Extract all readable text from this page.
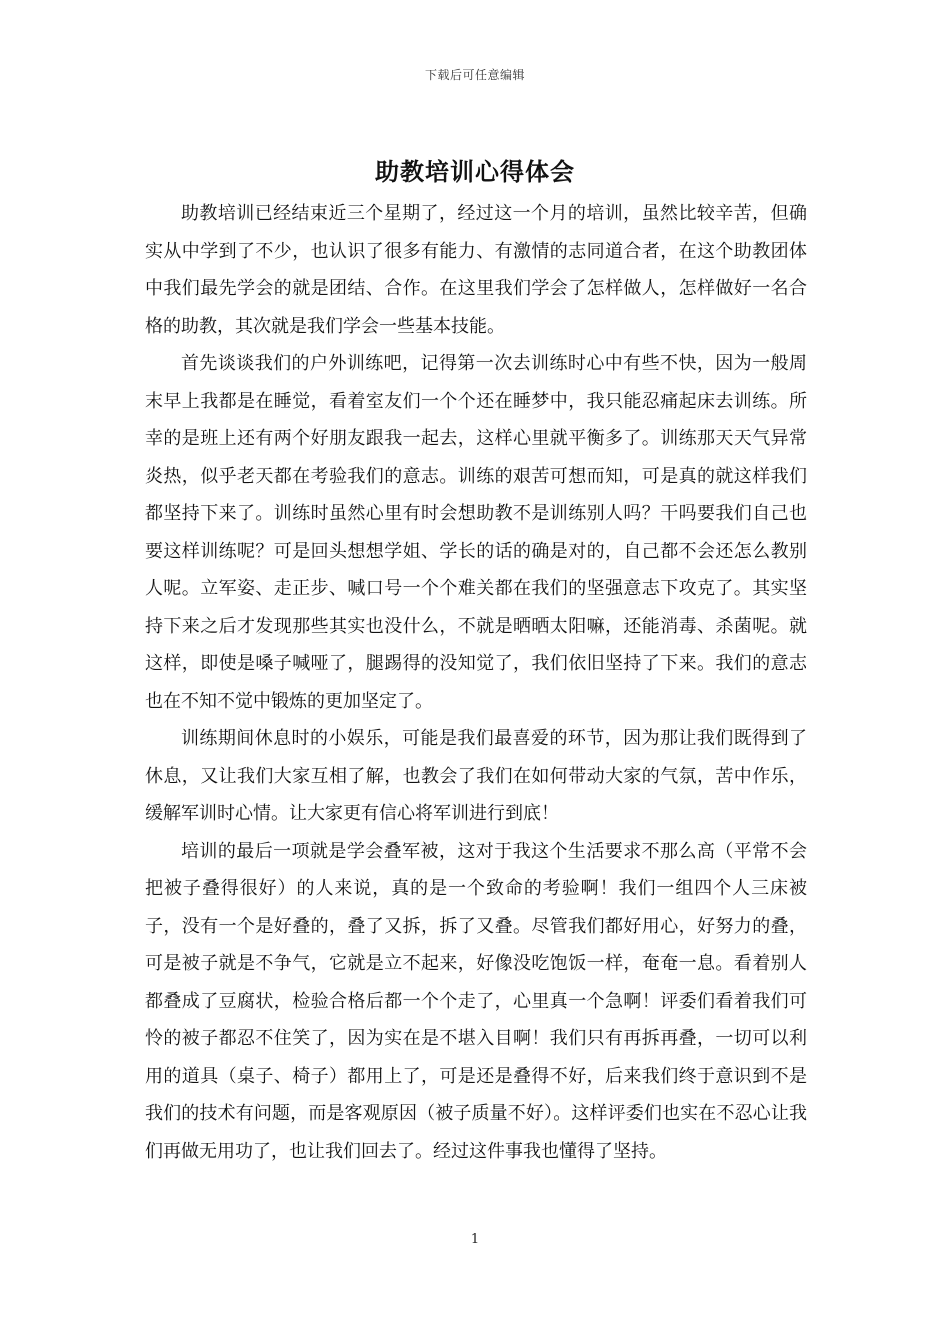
下载后可任意编辑
助教培训心得体会

助教培训已经结束近三个星期了，经过这一个月的培训，虽然比较辛苦，但确实从中学到了不少，也认识了很多有能力、有激情的志同道合者，在这个助教团体中我们最先学会的就是团结、合作。在这里我们学会了怎样做人，怎样做好一名合格的助教，其次就是我们学会一些基本技能。

首先谈谈我们的户外训练吧，记得第一次去训练时心中有些不快，因为一般周末早上我都是在睡觉，看着室友们一个个还在睡梦中，我只能忍痛起床去训练。所幸的是班上还有两个好朋友跟我一起去，这样心里就平衡多了。训练那天天气异常炎热，似乎老天都在考验我们的意志。训练的艰苦可想而知，可是真的就这样我们都坚持下来了。训练时虽然心里有时会想助教不是训练别人吗？干吗要我们自己也要这样训练呢？可是回头想想学姐、学长的话的确是对的，自己都不会还怎么教别人呢。立军姿、走正步、喊口号一个个难关都在我们的坚强意志下攻克了。其实坚持下来之后才发现那些其实也没什么，不就是晒晒太阳嘛，还能消毒、杀菌呢。就这样，即使是嗓子喊哑了，腿踢得的没知觉了，我们依旧坚持了下来。我们的意志也在不知不觉中锻炼的更加坚定了。

训练期间休息时的小娱乐，可能是我们最喜爱的环节，因为那让我们既得到了休息，又让我们大家互相了解，也教会了我们在如何带动大家的气氛，苦中作乐，缓解军训时心情。让大家更有信心将军训进行到底！

培训的最后一项就是学会叠军被，这对于我这个生活要求不那么高（平常不会把被子叠得很好）的人来说，真的是一个致命的考验啊！我们一组四个人三床被子，没有一个是好叠的，叠了又拆，拆了又叠。尽管我们都好用心，好努力的叠，可是被子就是不争气，它就是立不起来，好像没吃饱饭一样，奄奄一息。看着别人都叠成了豆腐状，检验合格后都一个个走了，心里真一个急啊！评委们看着我们可怜的被子都忍不住笑了，因为实在是不堪入目啊！我们只有再拆再叠，一切可以利用的道具（桌子、椅子）都用上了，可是还是叠得不好，后来我们终于意识到不是我们的技术有问题，而是客观原因（被子质量不好）。这样评委们也实在不忍心让我们再做无用功了，也让我们回去了。经过这件事我也懂得了坚持。

1
